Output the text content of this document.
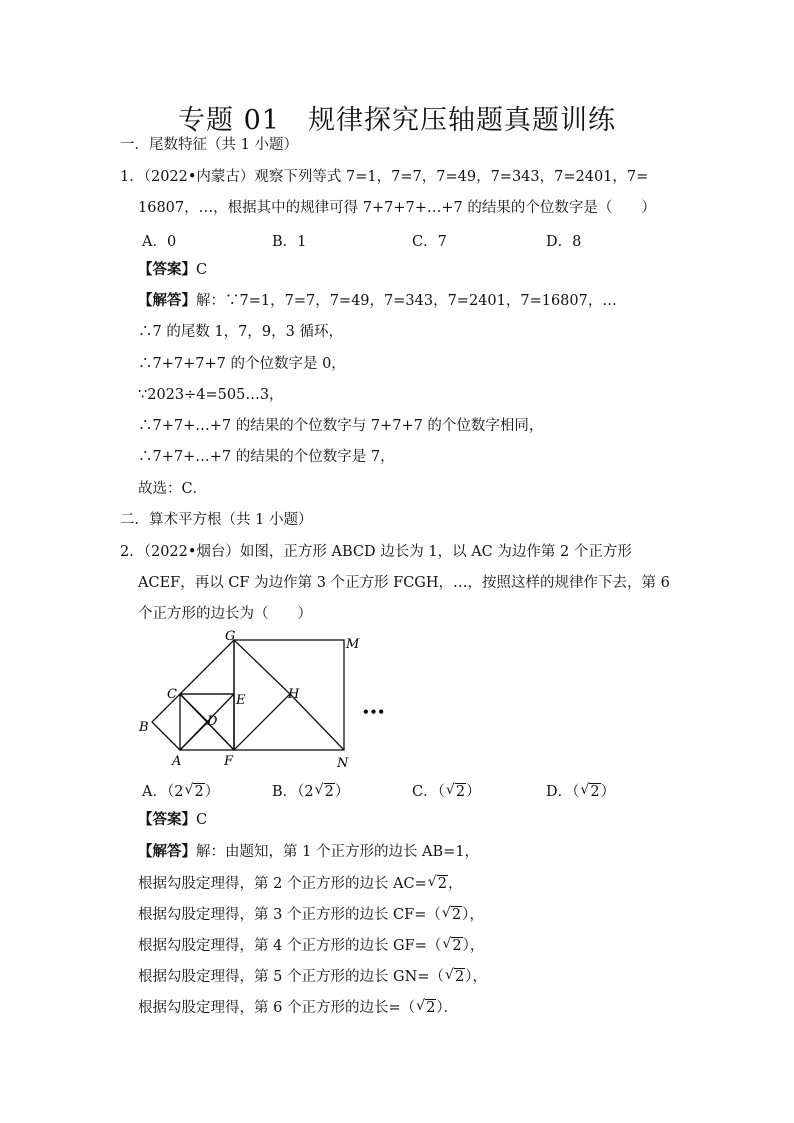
专题 01　规律探究压轴题真题训练
一．尾数特征（共 1 小题）
1．（2022•内蒙古）观察下列等式 7=1，7=7，7=49，7=343，7=2401，7=
16807，…，根据其中的规律可得 7+7+7+…+7 的结果的个位数字是（　　）
A．0	B．1	C．7	D．8
【答案】C
【解答】解：∵7=1，7=7，7=49，7=343，7=2401，7=16807，…
∴7 的尾数 1，7，9，3 循环，
∴7+7+7+7 的个位数字是 0，
∵2023÷4=505…3，
∴7+7+…+7 的结果的个位数字与 7+7+7 的个位数字相同，
∴7+7+…+7 的结果的个位数字是 7，
故选：C．
二．算术平方根（共 1 小题）
2．（2022•烟台）如图，正方形 ABCD 边长为 1，以 AC 为边作第 2 个正方形
ACEF，再以 CF 为边作第 3 个正方形 FCGH，…，按照这样的规律作下去，第 6
个正方形的边长为（　　）
G
M
C	E	H
B	D
A	F	N
•••
A．（2 √ 2）	B．（2 √ 2）	C．（ √ 2）	D．（ √ 2）
【答案】C
【解答】解：由题知，第 1 个正方形的边长 AB=1，
根据勾股定理得，第 2 个正方形的边长 AC= √ 2，
根据勾股定理得，第 3 个正方形的边长 CF=（ √ 2），
根据勾股定理得，第 4 个正方形的边长 GF=（ √ 2），
根据勾股定理得，第 5 个正方形的边长 GN=（ √ 2），
根据勾股定理得，第 6 个正方形的边长=（ √ 2）．
